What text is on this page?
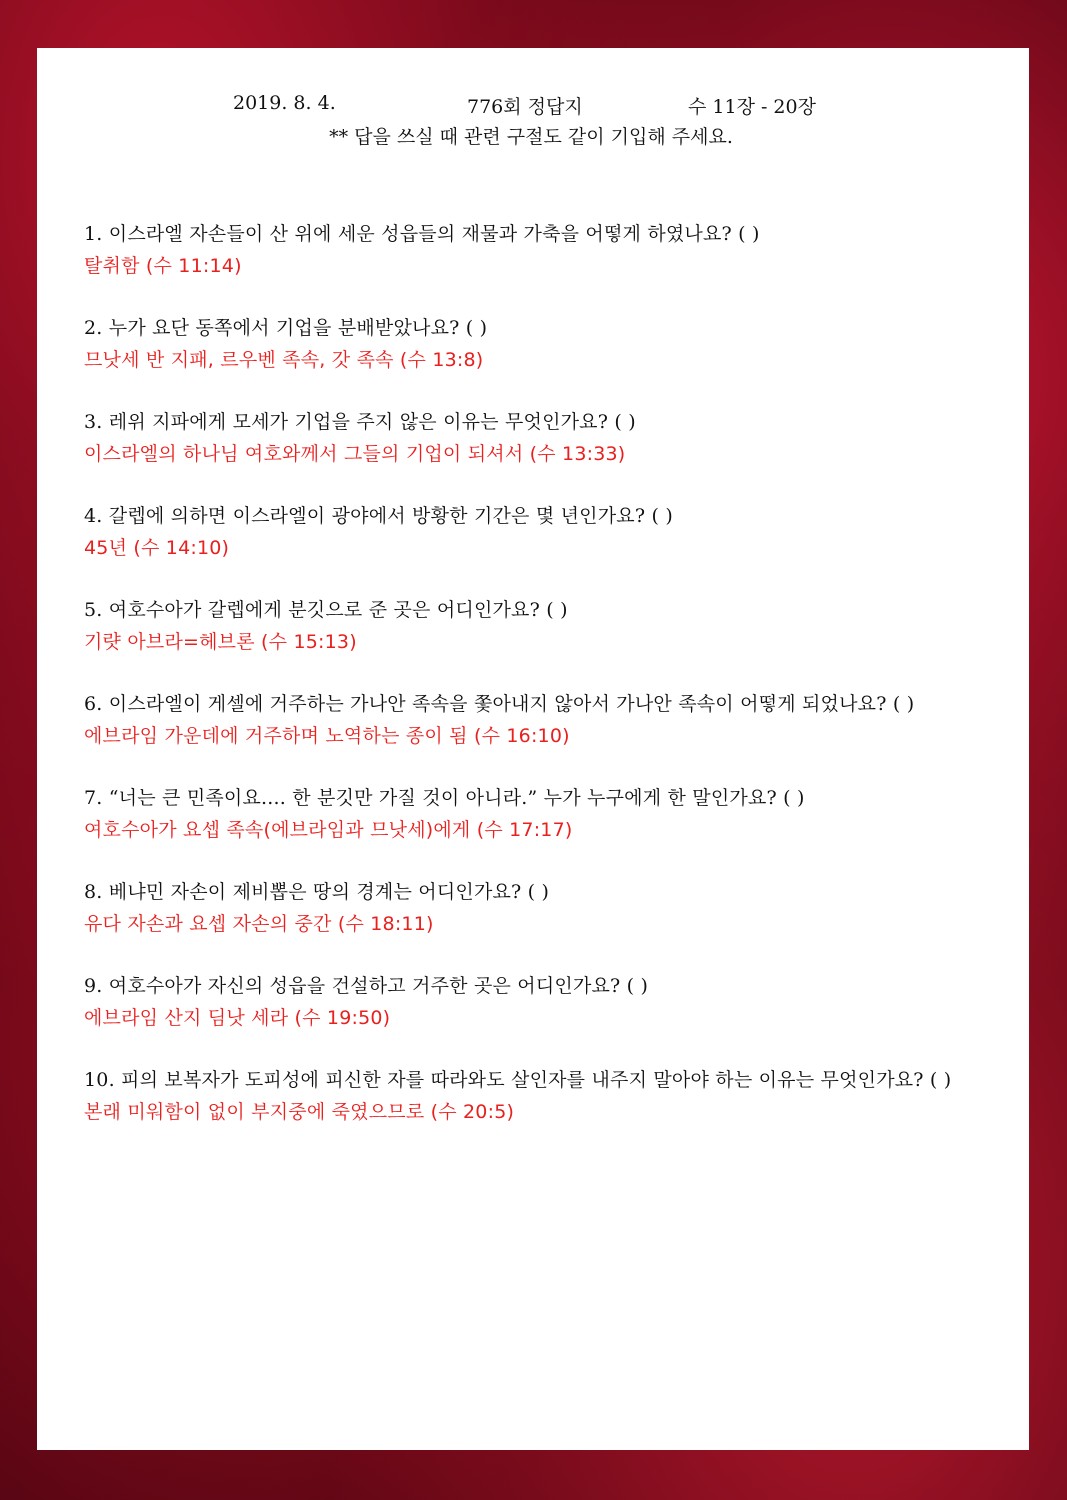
2019. 8. 4.	776회 정답지	수 11장 - 20장
** 답을 쓰실 때 관련 구절도 같이 기입해 주세요.
1. 이스라엘 자손들이 산 위에 세운 성읍들의 재물과 가축을 어떻게 하였나요? ( )
탈취함 (수 11:14)
2. 누가 요단 동쪽에서 기업을 분배받았나요? ( )
므낫세 반 지패, 르우벤 족속, 갓 족속 (수 13:8)
3. 레위 지파에게 모세가 기업을 주지 않은 이유는 무엇인가요? ( )
이스라엘의 하나님 여호와께서 그들의 기업이 되셔서 (수 13:33)
4. 갈렙에 의하면 이스라엘이 광야에서 방황한 기간은 몇 년인가요? ( )
45년 (수 14:10)
5. 여호수아가 갈렙에게 분깃으로 준 곳은 어디인가요? ( )
기럇 아브라=헤브론 (수 15:13)
6. 이스라엘이 게셀에 거주하는 가나안 족속을 쫓아내지 않아서 가나안 족속이 어떻게 되었나요? ( )
에브라임 가운데에 거주하며 노역하는 종이 됨 (수 16:10)
7. “너는 큰 민족이요.... 한 분깃만 가질 것이 아니라.” 누가 누구에게 한 말인가요? ( )
여호수아가 요셉 족속(에브라임과 므낫세)에게 (수 17:17)
8. 베냐민 자손이 제비뽑은 땅의 경계는 어디인가요? ( )
유다 자손과 요셉 자손의 중간 (수 18:11)
9. 여호수아가 자신의 성읍을 건설하고 거주한 곳은 어디인가요? ( )
에브라임 산지 딤낫 세라 (수 19:50)
10. 피의 보복자가 도피성에 피신한 자를 따라와도 살인자를 내주지 말아야 하는 이유는 무엇인가요? ( )
본래 미워함이 없이 부지중에 죽였으므로 (수 20:5)
